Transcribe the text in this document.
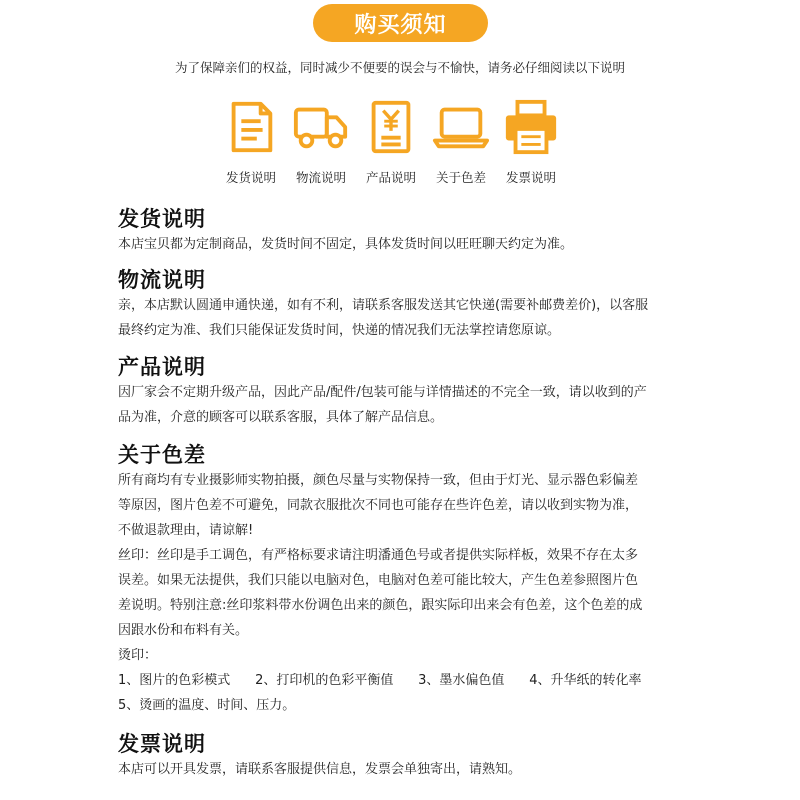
购买须知
为了保障亲们的权益，同时减少不便要的误会与不愉快，请务必仔细阅读以下说明
发货说明	物流说明	产品说明	关于色差	发票说明
发货说明

本店宝贝都为定制商品，发货时间不固定，具体发货时间以旺旺聊天约定为准。

物流说明

亲，本店默认圆通申通快递，如有不利，请联系客服发送其它快递(需要补邮费差价)，以客服

最终约定为准、我们只能保证发货时间，快递的情况我们无法掌控请您原谅。

产品说明

因厂家会不定期升级产品，因此产品/配件/包装可能与详情描述的不完全一致，请以收到的产

品为准，介意的顾客可以联系客服，具体了解产品信息。

关于色差

所有商均有专业摄影师实物拍摄，颜色尽量与实物保持一致，但由于灯光、显示器色彩偏差

等原因，图片色差不可避免，同款衣服批次不同也可能存在些许色差，请以收到实物为准，

不做退款理由，请谅解!

丝印：丝印是手工调色，有严格标要求请注明潘通色号或者提供实际样板，效果不存在太多

误差。如果无法提供，我们只能以电脑对色，电脑对色差可能比较大，产生色差参照图片色

差说明。特别注意:丝印浆料带水份调色出来的颜色，跟实际印出来会有色差，这个色差的成

因跟水份和布料有关。

烫印：

1、图片的色彩模式      2、打印机的色彩平衡值      3、墨水偏色值      4、升华纸的转化率

5、烫画的温度、时间、压力。

发票说明

本店可以开具发票，请联系客服提供信息，发票会单独寄出，请熟知。
